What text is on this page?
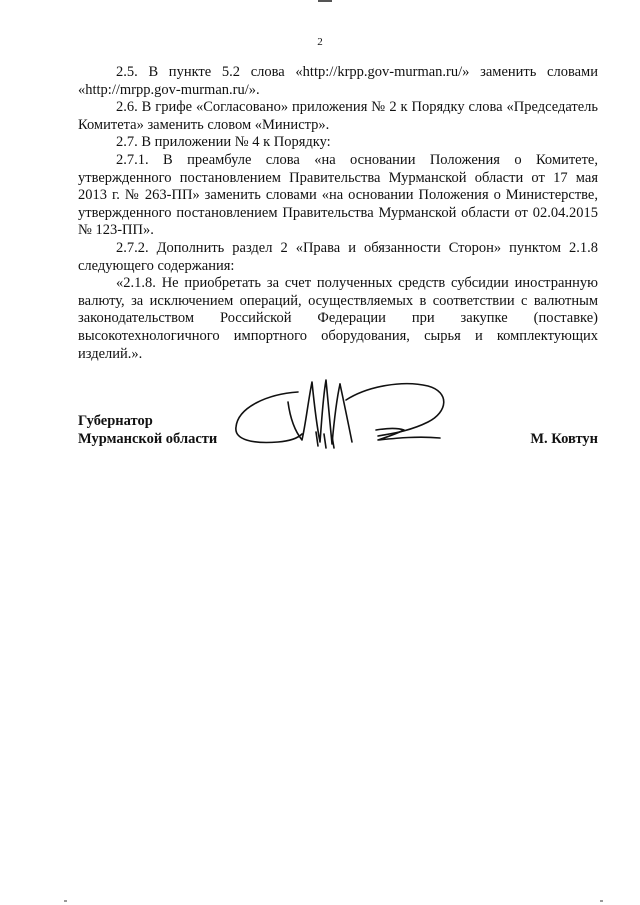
2

2.5. В пункте 5.2 слова «http://krpp.gov-murman.ru/» заменить словами «http://mrpp.gov-murman.ru/».

2.6. В грифе «Согласовано» приложения № 2 к Порядку слова «Председатель Комитета» заменить словом «Министр».

2.7. В приложении № 4 к Порядку:

2.7.1. В преамбуле слова «на основании Положения о Комитете, утвержденного постановлением Правительства Мурманской области от 17 мая 2013 г. № 263-ПП» заменить словами «на основании Положения о Министерстве, утвержденного постановлением Правительства Мурманской области от 02.04.2015 № 123-ПП».

2.7.2. Дополнить раздел 2 «Права и обязанности Сторон» пунктом 2.1.8 следующего содержания:

«2.1.8. Не приобретать за счет полученных средств субсидии иностранную валюту, за исключением операций, осуществляемых в соответствии с валютным законодательством Российской Федерации при закупке (поставке) высокотехнологичного импортного оборудования, сырья и комплектующих изделий.».

Губернатор
Мурманской области	М. Ковтун
